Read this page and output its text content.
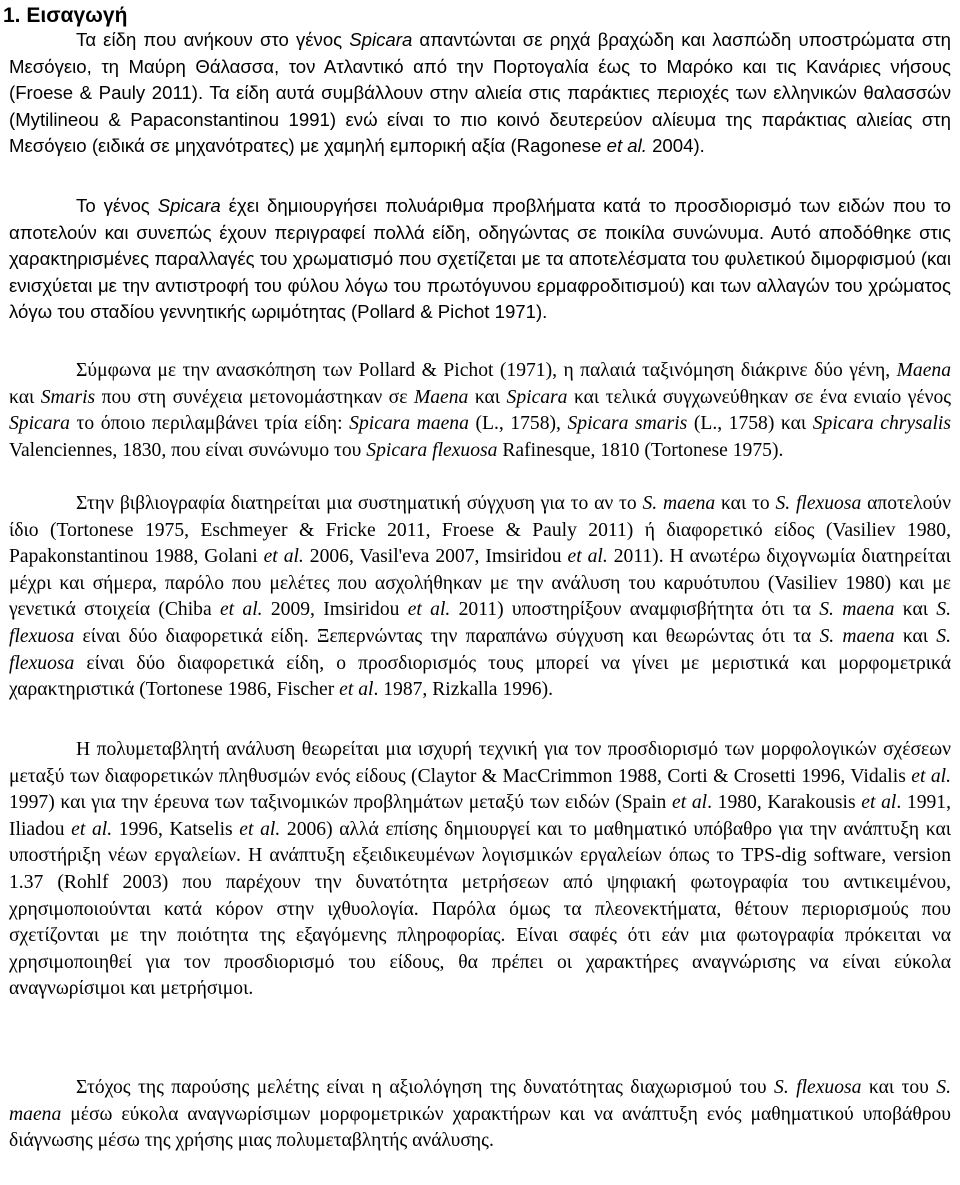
1. Εισαγωγή

Τα είδη που ανήκουν στο γένος Spicara απαντώνται σε ρηχά βραχώδη και λασπώδη υποστρώματα στη Μεσόγειο, τη Μαύρη Θάλασσα, τον Ατλαντικό από την Πορτογαλία έως το Μαρόκο και τις Κανάριες νήσους (Froese & Pauly 2011). Τα είδη αυτά συμβάλλουν στην αλιεία στις παράκτιες περιοχές των ελληνικών θαλασσών (Mytilineou & Papaconstantinou 1991) ενώ είναι το πιο κοινό δευτερεύον αλίευμα της παράκτιας αλιείας στη Μεσόγειο (ειδικά σε μηχανότρατες) με χαμηλή εμπορική αξία (Ragonese et al. 2004).

Το γένος Spicara έχει δημιουργήσει πολυάριθμα προβλήματα κατά το προσδιορισμό των ειδών που το αποτελούν και συνεπώς έχουν περιγραφεί πολλά είδη, οδηγώντας σε ποικίλα συνώνυμα. Αυτό αποδόθηκε στις χαρακτηρισμένες παραλλαγές του χρωματισμό που σχετίζεται με τα αποτελέσματα του φυλετικού διμορφισμού (και ενισχύεται με την αντιστροφή του φύλου λόγω του πρωτόγυνου ερμαφροδιτισμού) και των αλλαγών του χρώματος λόγω του σταδίου γεννητικής ωριμότητας (Pollard & Pichot 1971).

Σύμφωνα με την ανασκόπηση των Pollard & Pichot (1971), η παλαιά ταξινόμηση διάκρινε δύο γένη, Maena και Smaris που στη συνέχεια μετονομάστηκαν σε Maena και Spicara και τελικά συγχωνεύθηκαν σε ένα ενιαίο γένος Spicara το όποιο περιλαμβάνει τρία είδη: Spicara maena (L., 1758), Spicara smaris (L., 1758) και Spicara chrysalis Valenciennes, 1830, που είναι συνώνυμο του Spicara flexuosa Rafinesque, 1810 (Tortonese 1975).

Στην βιβλιογραφία διατηρείται μια συστηματική σύγχυση για το αν το S. maena και το S. flexuosa αποτελούν ίδιο (Tortonese 1975, Eschmeyer & Fricke 2011, Froese & Pauly 2011) ή διαφορετικό είδος (Vasiliev 1980, Papakonstantinou 1988, Golani et al. 2006, Vasil'eva 2007, Imsiridou et al. 2011). Η ανωτέρω διχογνωμία διατηρείται μέχρι και σήμερα, παρόλο που μελέτες που ασχολήθηκαν με την ανάλυση του καρυότυπου (Vasiliev 1980) και με γενετικά στοιχεία (Chiba et al. 2009, Imsiridou et al. 2011) υποστηρίξουν αναμφισβήτητα ότι τα S. maena και S. flexuosa είναι δύο διαφορετικά είδη. Ξεπερνώντας την παραπάνω σύγχυση και θεωρώντας ότι τα S. maena και S. flexuosa είναι δύο διαφορετικά είδη, ο προσδιορισμός τους μπορεί να γίνει με μεριστικά και μορφομετρικά χαρακτηριστικά (Tortonese 1986, Fischer et al. 1987, Rizkalla 1996).

Η πολυμεταβλητή ανάλυση θεωρείται μια ισχυρή τεχνική για τον προσδιορισμό των μορφολογικών σχέσεων μεταξύ των διαφορετικών πληθυσμών ενός είδους (Claytor & MacCrimmon 1988, Corti & Crosetti 1996, Vidalis et al. 1997) και για την έρευνα των ταξινομικών προβλημάτων μεταξύ των ειδών (Spain et al. 1980, Karakousis et al. 1991, Iliadou et al. 1996, Katselis et al. 2006) αλλά επίσης δημιουργεί και το μαθηματικό υπόβαθρο για την ανάπτυξη και υποστήριξη νέων εργαλείων. Η ανάπτυξη εξειδικευμένων λογισμικών εργαλείων όπως το TPS-dig software, version 1.37 (Rohlf 2003) που παρέχουν την δυνατότητα μετρήσεων από ψηφιακή φωτογραφία του αντικειμένου, χρησιμοποιούνται κατά κόρον στην ιχθυολογία. Παρόλα όμως τα πλεονεκτήματα, θέτουν περιορισμούς που σχετίζονται με την ποιότητα της εξαγόμενης πληροφορίας. Είναι σαφές ότι εάν μια φωτογραφία πρόκειται να χρησιμοποιηθεί για τον προσδιορισμό του είδους, θα πρέπει οι χαρακτήρες αναγνώρισης να είναι εύκολα αναγνωρίσιμοι και μετρήσιμοι.

Στόχος της παρούσης μελέτης είναι η αξιολόγηση της δυνατότητας διαχωρισμού του S. flexuosa και του S. maena μέσω εύκολα αναγνωρίσιμων μορφομετρικών χαρακτήρων και να ανάπτυξη ενός μαθηματικού υποβάθρου διάγνωσης μέσω της χρήσης μιας πολυμεταβλητής ανάλυσης.
